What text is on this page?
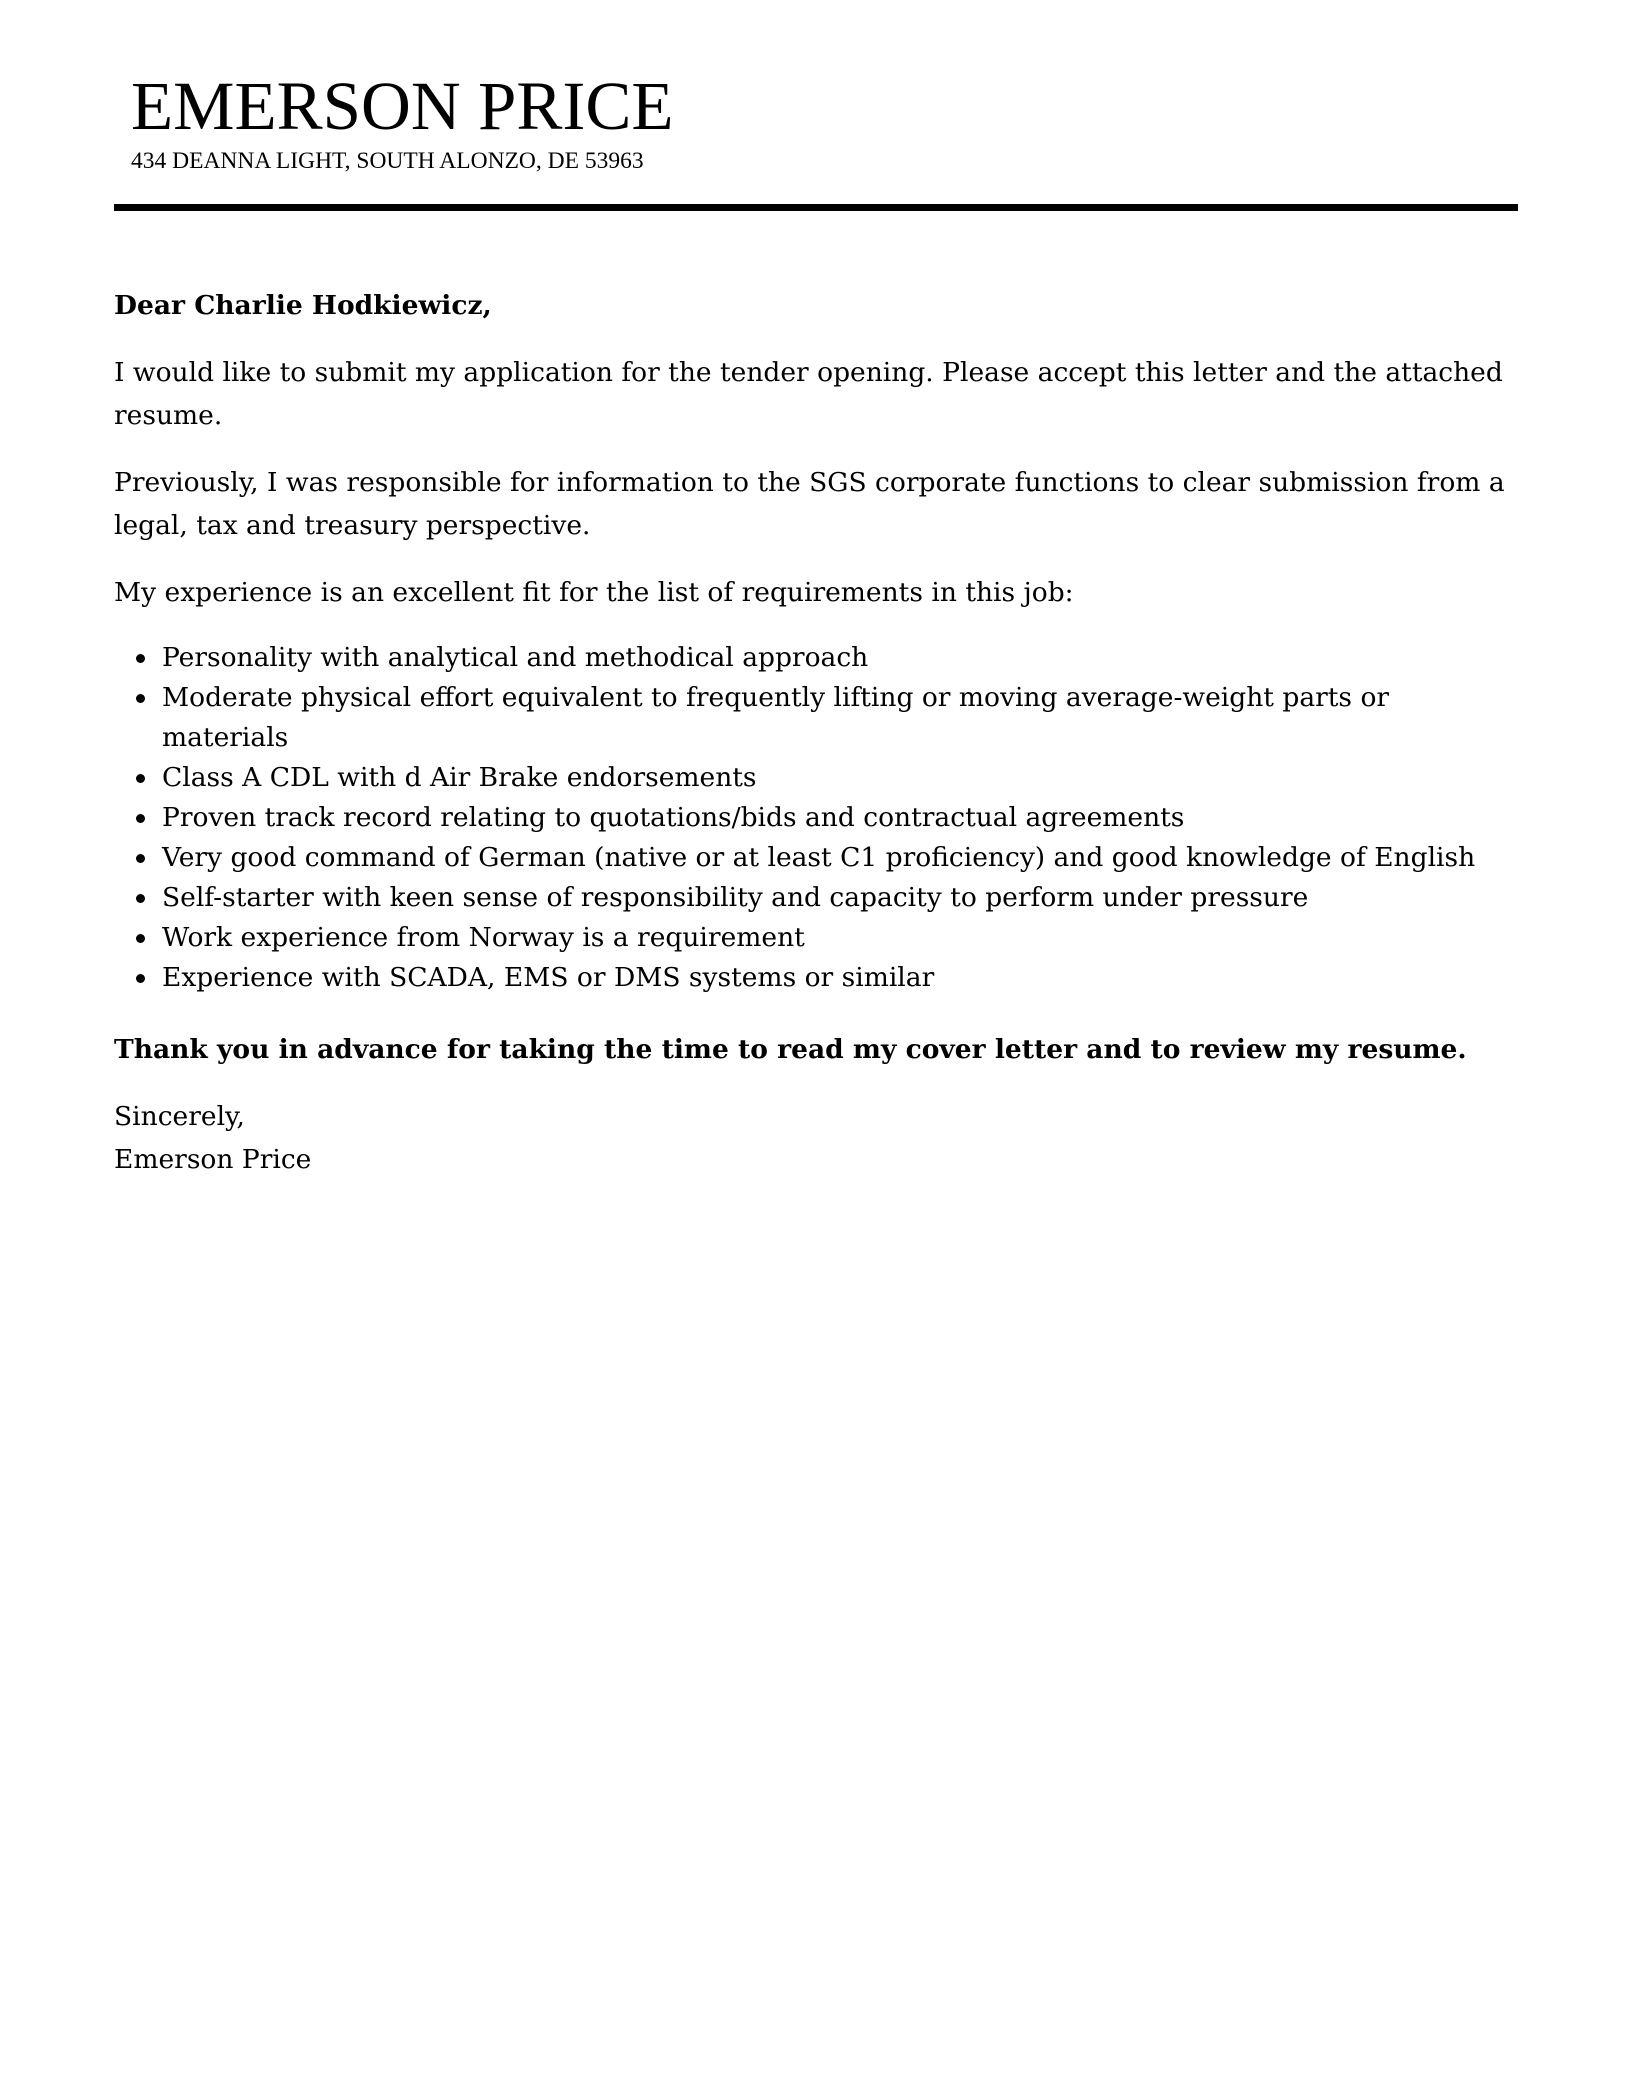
EMERSON PRICE
434 DEANNA LIGHT, SOUTH ALONZO, DE 53963

Dear Charlie Hodkiewicz,

I would like to submit my application for the tender opening. Please accept this letter and the attached resume.

Previously, I was responsible for information to the SGS corporate functions to clear submission from a legal, tax and treasury perspective.

My experience is an excellent fit for the list of requirements in this job:

Personality with analytical and methodical approach
Moderate physical effort equivalent to frequently lifting or moving average-weight parts or materials
Class A CDL with d Air Brake endorsements
Proven track record relating to quotations/bids and contractual agreements
Very good command of German (native or at least C1 proficiency) and good knowledge of English
Self-starter with keen sense of responsibility and capacity to perform under pressure
Work experience from Norway is a requirement
Experience with SCADA, EMS or DMS systems or similar

Thank you in advance for taking the time to read my cover letter and to review my resume.

Sincerely,
Emerson Price
